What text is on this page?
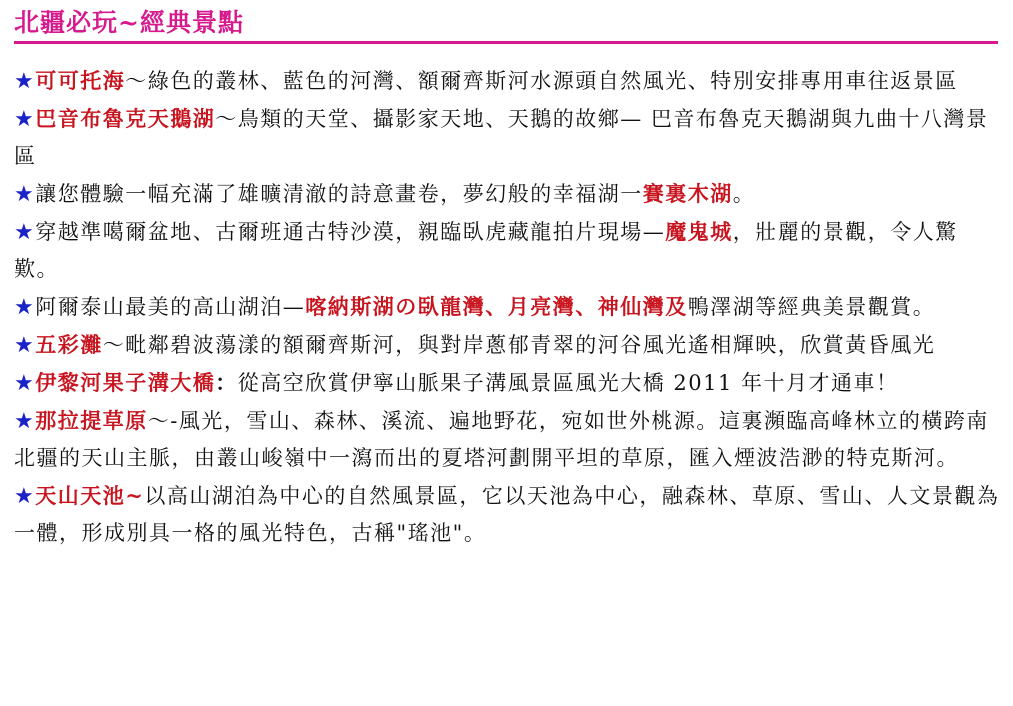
北疆必玩~經典景點

★可可托海～綠色的叢林、藍色的河灣、額爾齊斯河水源頭自然風光、特別安排專用車往返景區

★巴音布魯克天鵝湖～鳥類的天堂、攝影家天地、天鵝的故鄉— 巴音布魯克天鵝湖與九曲十八灣景區

★讓您體驗一幅充滿了雄曠清澈的詩意畫卷，夢幻般的幸福湖一賽裏木湖。

★穿越準噶爾盆地、古爾班通古特沙漠，親臨臥虎藏龍拍片現場—魔鬼城，壯麗的景觀，令人驚歎。

★阿爾泰山最美的高山湖泊—喀納斯湖の臥龍灣、月亮灣、神仙灣及鴨澤湖等經典美景觀賞。

★五彩灘～毗鄰碧波蕩漾的額爾齊斯河，與對岸蔥郁青翠的河谷風光遙相輝映，欣賞黃昏風光

★伊黎河果子溝大橋：從高空欣賞伊寧山脈果子溝風景區風光大橋 2011 年十月才通車！

★那拉提草原～-風光，雪山、森林、溪流、遍地野花，宛如世外桃源。這裏瀕臨高峰林立的橫跨南北疆的天山主脈，由叢山峻嶺中一瀉而出的夏塔河劃開平坦的草原，匯入煙波浩渺的特克斯河。

★天山天池~以高山湖泊為中心的自然風景區，它以天池為中心，融森林、草原、雪山、人文景觀為一體，形成別具一格的風光特色，古稱"瑤池"。
